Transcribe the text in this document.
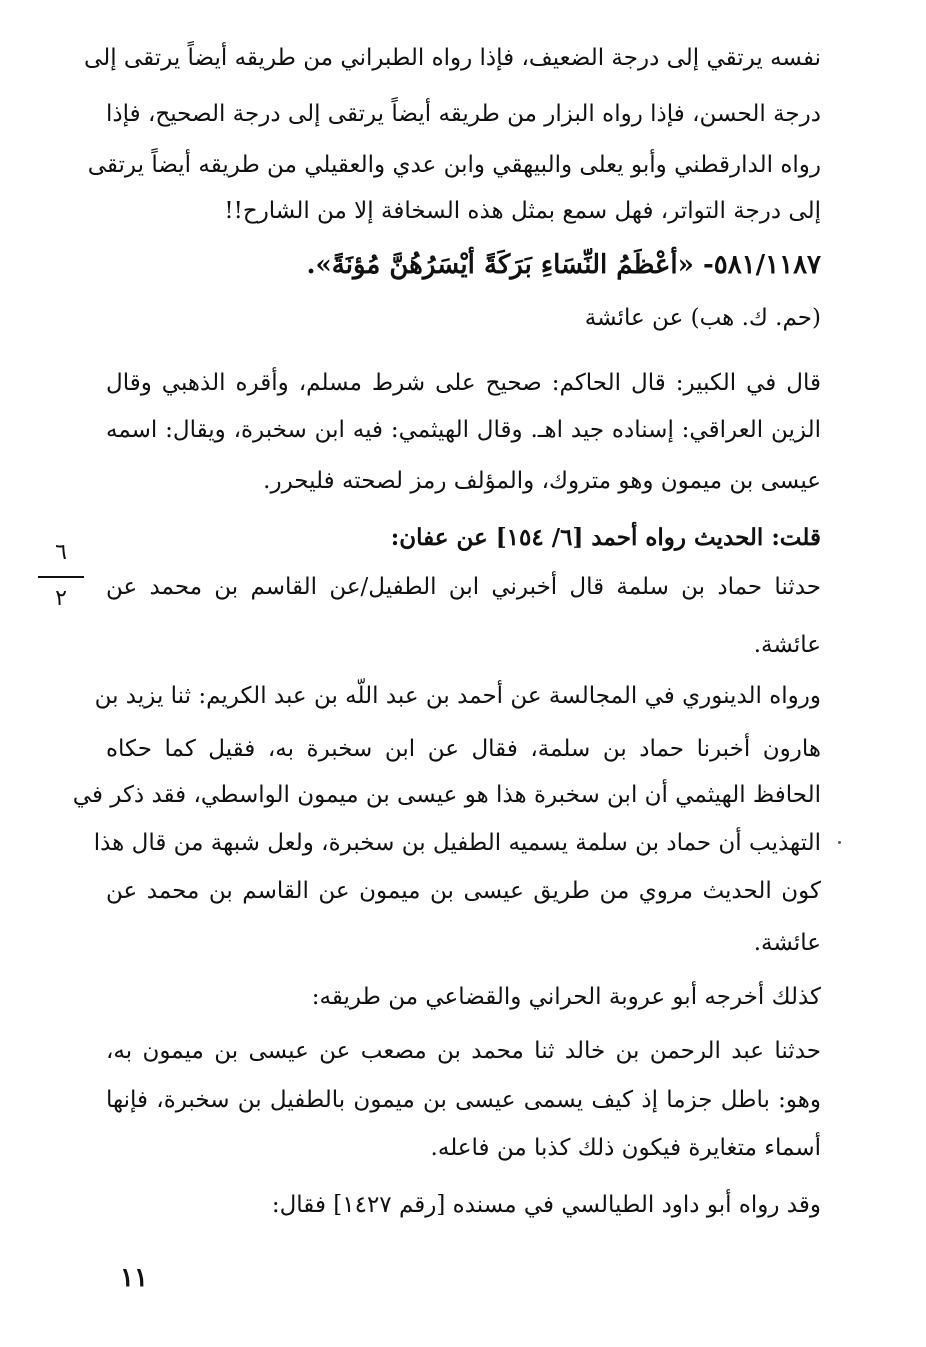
نفسه يرتقي إلى درجة الضعيف، فإذا رواه الطبراني من طريقه أيضاً يرتقى إلى
درجة الحسن، فإذا رواه البزار من طريقه أيضاً يرتقى إلى درجة الصحيح، فإذا
رواه الدارقطني وأبو يعلى والبيهقي وابن عدي والعقيلي من طريقه أيضاً يرتقى
إلى درجة التواتر، فهل سمع بمثل هذه السخافة إلا من الشارح!!
٥٨١/١١٨٧- «أعْظَمُ النِّسَاءِ بَرَكَةً أيْسَرُهُنَّ مُؤنَةً».
(حم. ك. هب) عن عائشة
قال في الكبير: قال الحاكم: صحيح على شرط مسلم، وأقره الذهبي وقال
الزين العراقي: إسناده جيد اهـ. وقال الهيثمي: فيه ابن سخبرة، ويقال: اسمه
عيسى بن ميمون وهو متروك، والمؤلف رمز لصحته فليحرر.
قلت: الحديث رواه أحمد [٦/ ١٥٤] عن عفان:
حدثنا حماد بن سلمة قال أخبرني ابن الطفيل/عن القاسم بن محمد عن
عائشة.
ورواه الدينوري في المجالسة عن أحمد بن عبد اللّه بن عبد الكريم: ثنا يزيد بن
هارون أخبرنا حماد بن سلمة، فقال عن ابن سخبرة به، فقيل كما حكاه
الحافظ الهيثمي أن ابن سخبرة هذا هو عيسى بن ميمون الواسطي، فقد ذكر في
التهذيب أن حماد بن سلمة يسميه الطفيل بن سخبرة، ولعل شبهة من قال هذا
كون الحديث مروي من طريق عيسى بن ميمون عن القاسم بن محمد عن
عائشة.
كذلك أخرجه أبو عروبة الحراني والقضاعي من طريقه:
حدثنا عبد الرحمن بن خالد ثنا محمد بن مصعب عن عيسى بن ميمون به،
وهو: باطل جزما إذ كيف يسمى عيسى بن ميمون بالطفيل بن سخبرة، فإنها
أسماء متغايرة فيكون ذلك كذبا من فاعله.
وقد رواه أبو داود الطيالسي في مسنده [رقم ١٤٢٧] فقال:
٦
٢
١١
